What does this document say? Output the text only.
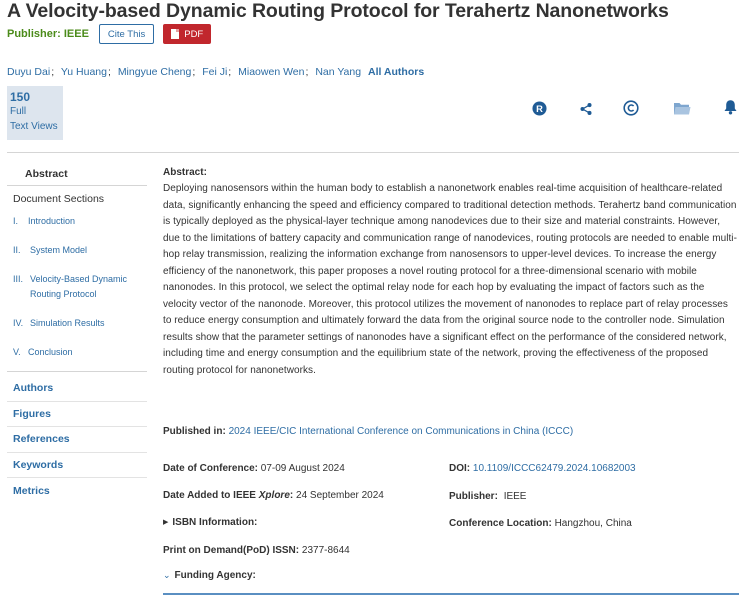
A Velocity-based Dynamic Routing Protocol for Terahertz Nanonetworks
Publisher: IEEE Cite This	PDF
Duyu Dai; Yu Huang; Mingyue Cheng; Fei Ji; Miaowen Wen; Nan Yang All Authors
150
Full
Text Views
R
Abstract
Document Sections
I.	Introduction
II.	System Model
III. Velocity-Based Dynamic Routing Protocol
IV. Simulation Results
V. Conclusion
Authors
Figures
References
Keywords
Metrics
Abstract:
Deploying nanosensors within the human body to establish a nanonetwork enables real-time acquisition of healthcare-related data, significantly enhancing the speed and efficiency compared to traditional detection methods. Terahertz band communication is typically deployed as the physical-layer technique among nanodevices due to their size and material constraints. However, due to the limitations of battery capacity and communication range of nanodevices, routing protocols are needed to enable multi-hop relay transmission, realizing the information exchange from nanosensors to upper-level devices. To increase the energy efficiency of the nanonetwork, this paper proposes a novel routing protocol for a three-dimensional scenario with mobile nanonodes. In this protocol, we select the optimal relay node for each hop by evaluating the impact of factors such as the velocity vector of the nanonode. Moreover, this protocol utilizes the movement of nanonodes to replace part of relay processes to reduce energy consumption and ultimately forward the data from the original source node to the controller node. Simulation results show that the parameter settings of nanonodes have a significant effect on the performance of the considered network, including time and energy consumption and the equilibrium state of the network, proving the effectiveness of the proposed routing protocol for nanonetworks.
Published in: 2024 IEEE/CIC International Conference on Communications in China (ICCC)
Date of Conference: 07-09 August 2024
Date Added to IEEE Xplore: 24 September 2024
▶ ISBN Information:
Print on Demand(PoD) ISSN: 2377-8644
⌄ Funding Agency:
DOI: 10.1109/ICCC62479.2024.10682003
Publisher: IEEE
Conference Location: Hangzhou, China
